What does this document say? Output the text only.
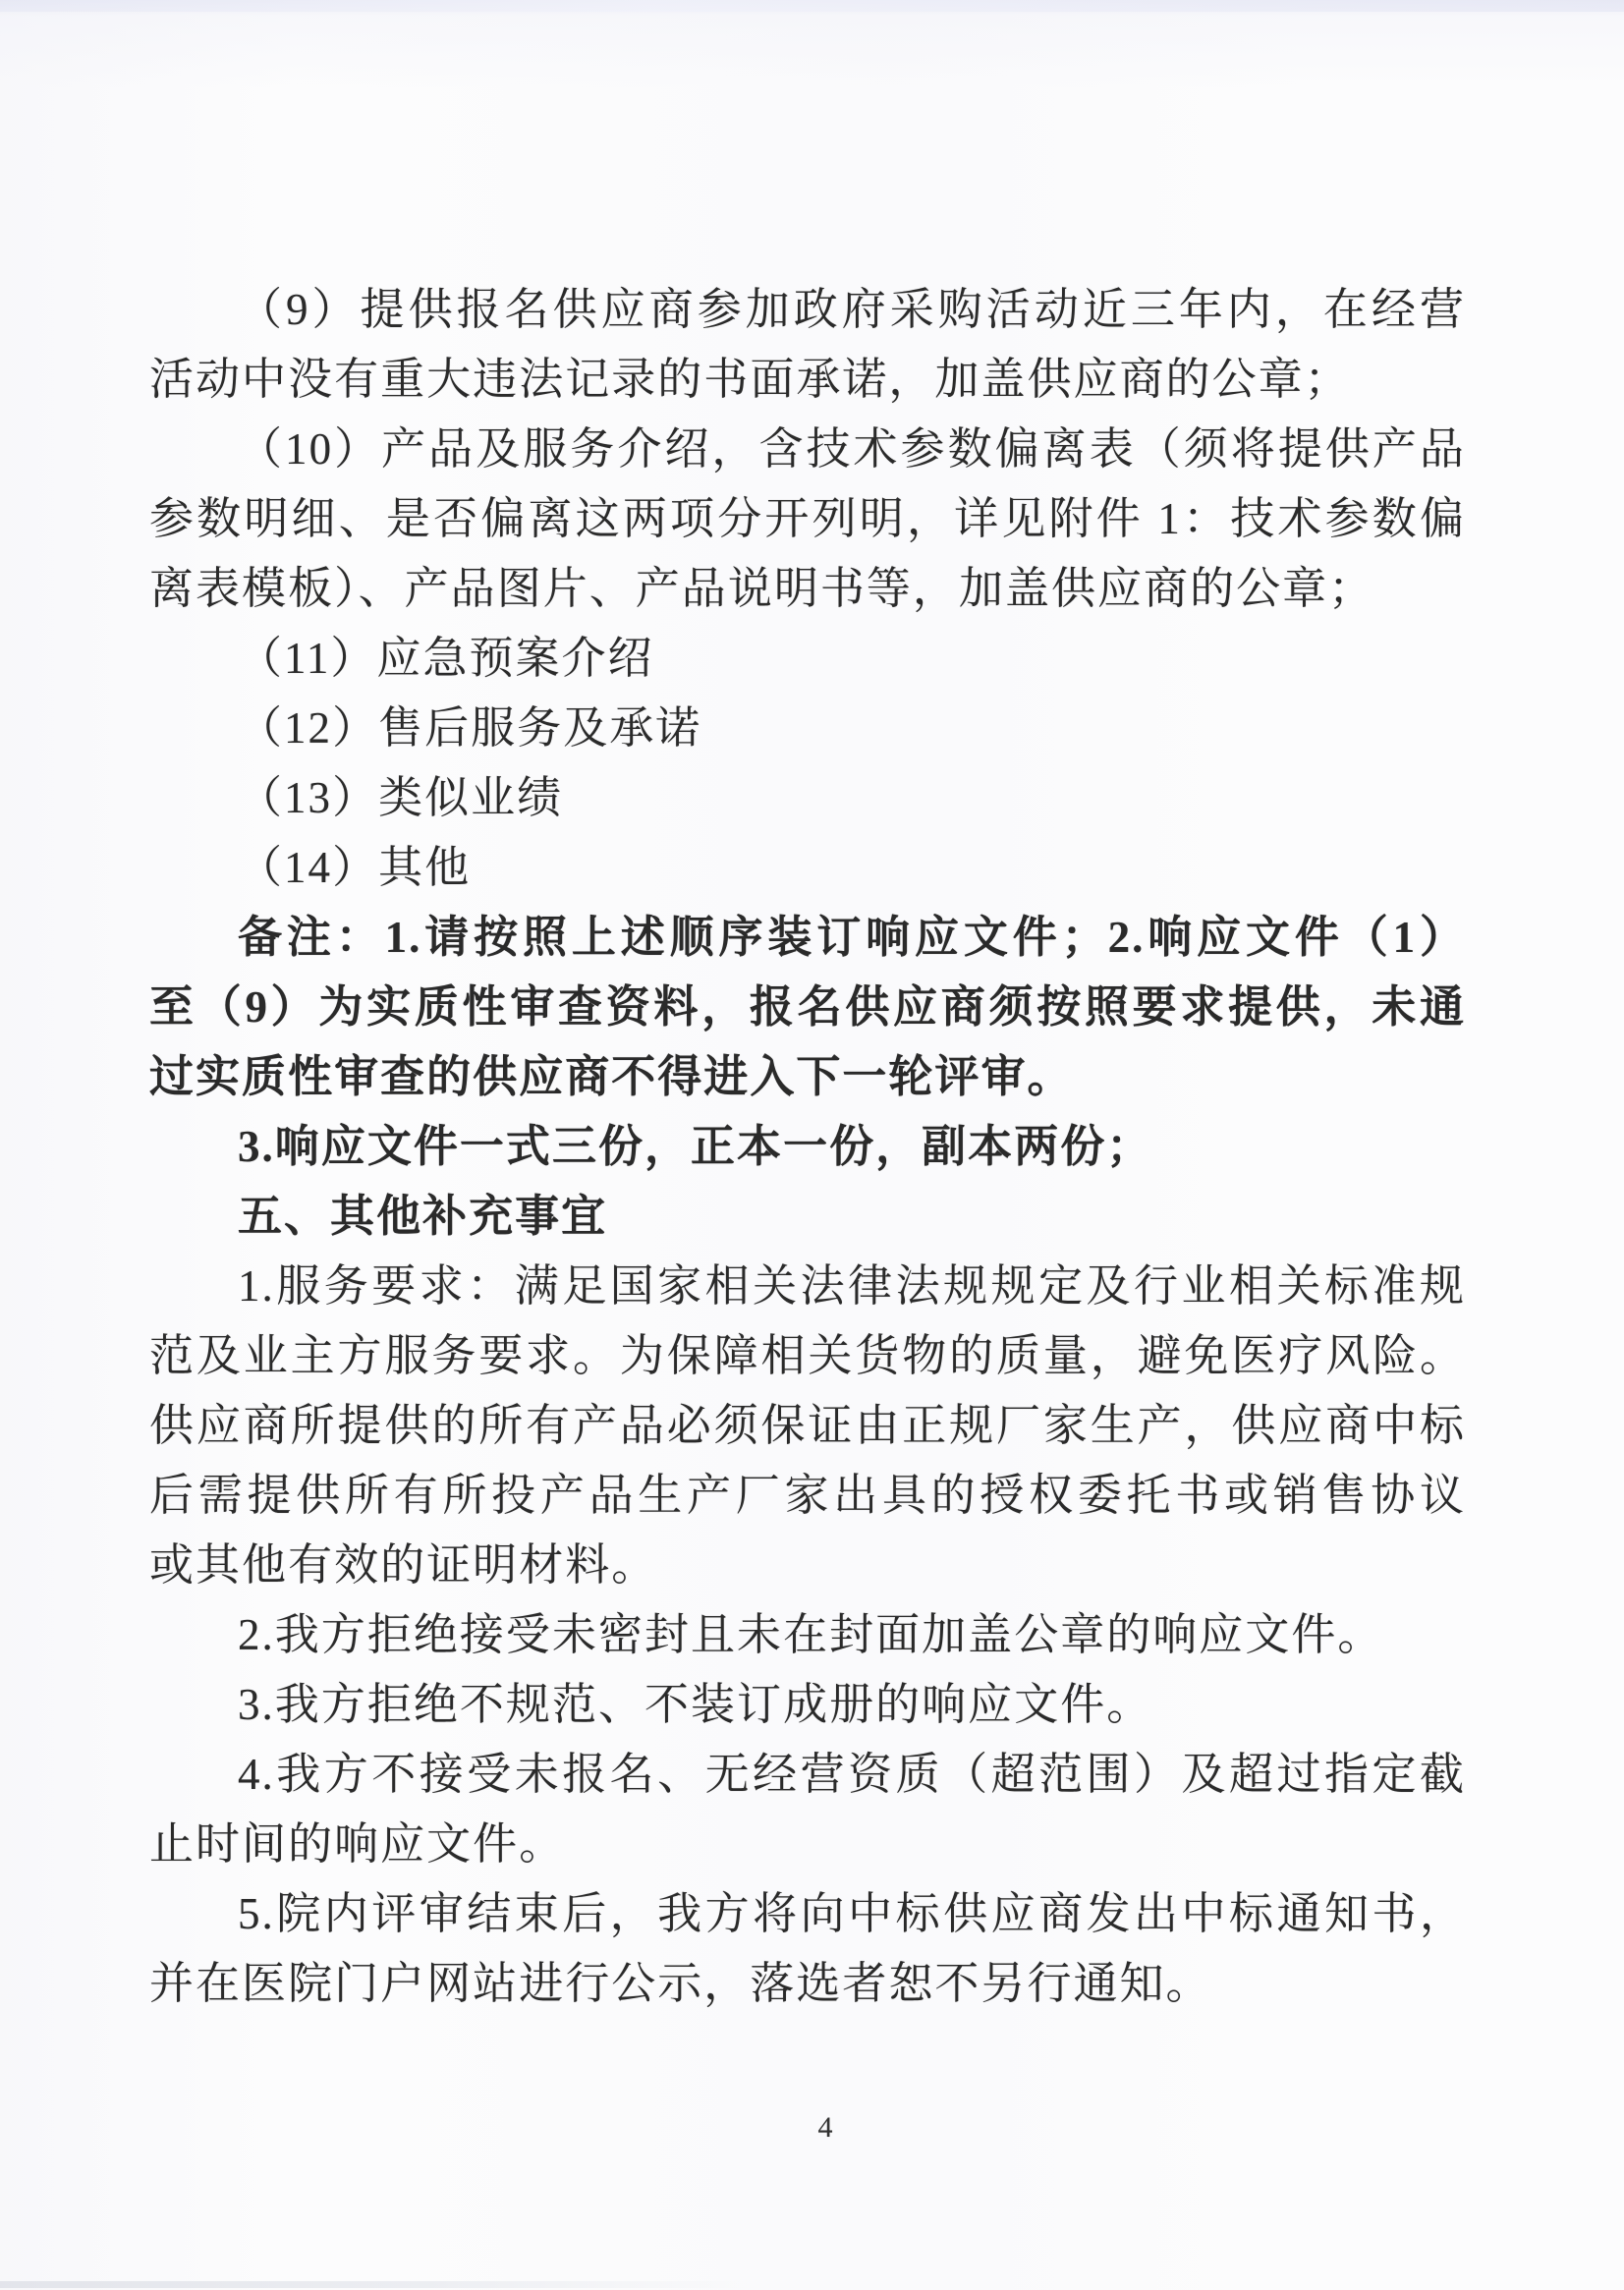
（9）提供报名供应商参加政府采购活动近三年内，在经营
活动中没有重大违法记录的书面承诺，加盖供应商的公章；
（10）产品及服务介绍，含技术参数偏离表（须将提供产品
参数明细、是否偏离这两项分开列明，详见附件 1：技术参数偏
离表模板）、产品图片、产品说明书等，加盖供应商的公章；
（11）应急预案介绍
（12）售后服务及承诺
（13）类似业绩
（14）其他
备注：1.请按照上述顺序装订响应文件；2.响应文件（1）
至（9）为实质性审查资料，报名供应商须按照要求提供，未通
过实质性审查的供应商不得进入下一轮评审。
3.响应文件一式三份，正本一份，副本两份；
五、其他补充事宜
1.服务要求：满足国家相关法律法规规定及行业相关标准规
范及业主方服务要求。为保障相关货物的质量，避免医疗风险。
供应商所提供的所有产品必须保证由正规厂家生产，供应商中标
后需提供所有所投产品生产厂家出具的授权委托书或销售协议
或其他有效的证明材料。
2.我方拒绝接受未密封且未在封面加盖公章的响应文件。
3.我方拒绝不规范、不装订成册的响应文件。
4.我方不接受未报名、无经营资质（超范围）及超过指定截
止时间的响应文件。
5.院内评审结束后，我方将向中标供应商发出中标通知书，
并在医院门户网站进行公示，落选者恕不另行通知。
4
